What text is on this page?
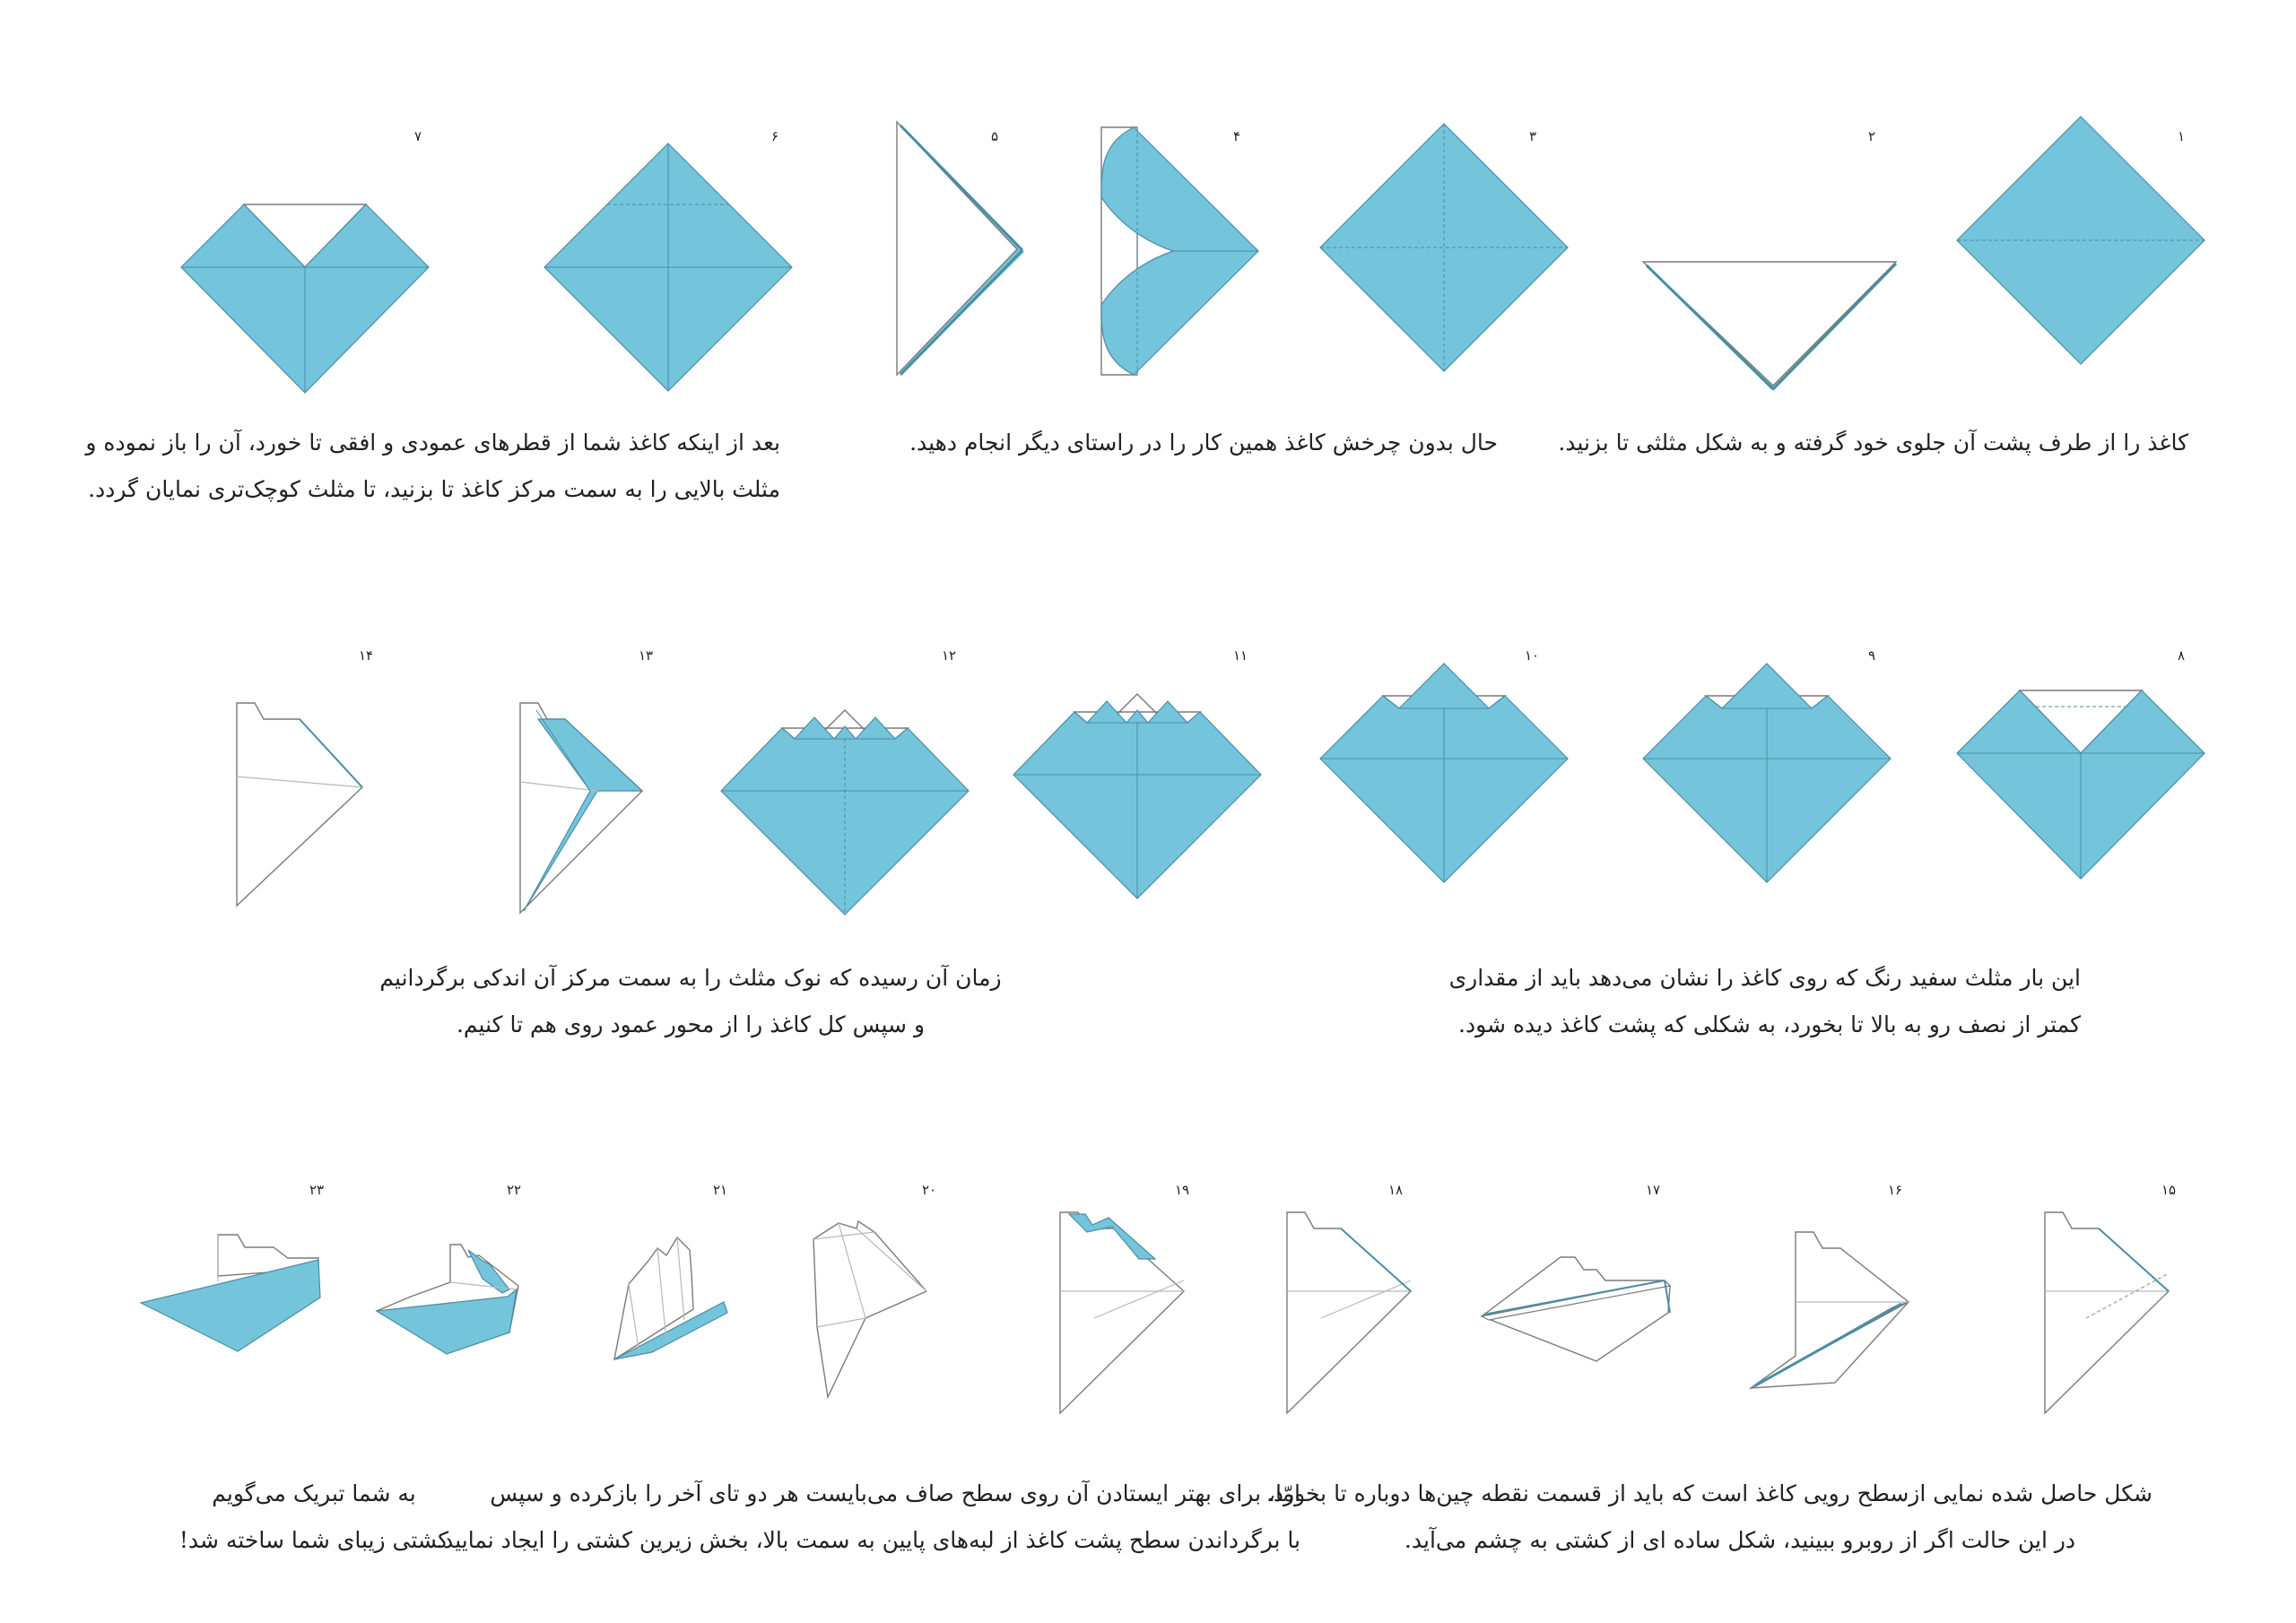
۱
۲
۳
۴
۵
۶
۷
کاغذ را از طرف پشت آن جلوی خود گرفته و به شکل مثلثی تا بزنید.
حال بدون چرخش کاغذ همین کار را در راستای دیگر انجام دهید.
بعد از اینکه کاغذ شما از قطرهای عمودی و افقی تا خورد، آن را باز نموده و
مثلث بالایی را به سمت مرکز کاغذ تا بزنید، تا مثلث کوچک‌تری نمایان گردد.
۸
۹
۱۰
۱۱
۱۲
۱۳
۱۴
این بار مثلث سفید رنگ که روی کاغذ را نشان می‌دهد باید از مقداری
کمتر از نصف رو به بالا تا بخورد، به شکلی که پشت کاغذ دیده شود.
زمان آن رسیده که نوک مثلث را به سمت مرکز آن اندکی برگردانیم
و سپس کل کاغذ را از محور عمود روی هم تا کنیم.
۱۵
۱۶
۱۷
۱۸
۱۹
۲۰
۲۱
۲۲
۲۳
شکل حاصل شده نمایی ازسطح رویی کاغذ است که باید از قسمت نقطه چین‌ها دوباره تا بخورد.
در این حالت اگر از روبرو ببینید، شکل ساده ای از کشتی به چشم می‌آید.
امّا، برای بهتر ایستادن آن روی سطح صاف می‌بایست هر دو تای آخر را بازکرده و سپس
با برگرداندن سطح پشت کاغذ از لبه‌های پایین به سمت بالا، بخش زیرین کشتی را ایجاد نمایید.
به شما تبریک می‌گویم
کشتی زیبای شما ساخته شد!
